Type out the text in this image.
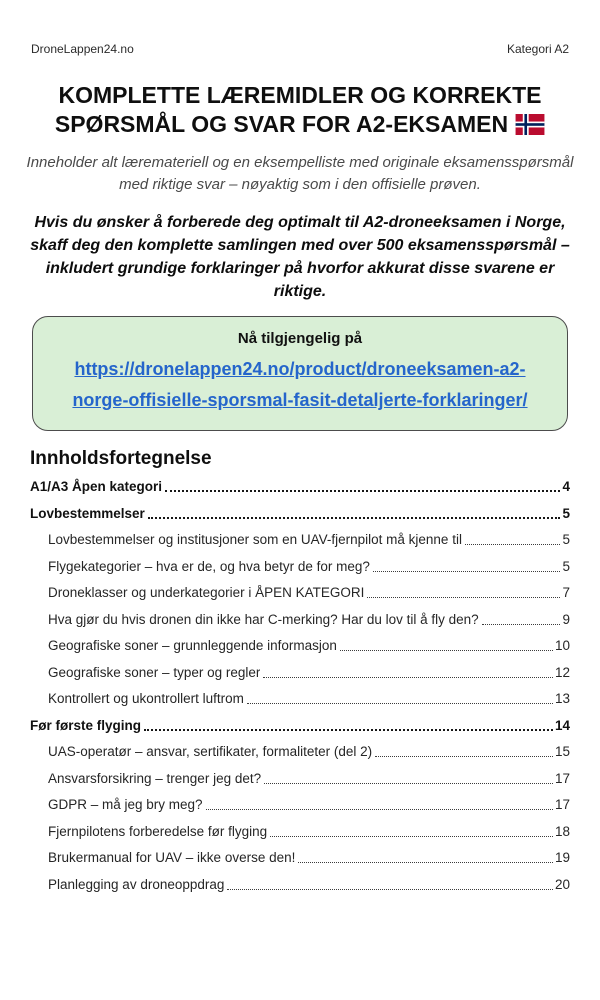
DroneLappen24.no	Kategori A2
KOMPLETTE LÆREMIDLER OG KORREKTE
SPØRSMÅL OG SVAR FOR A2-EKSAMEN

Inneholder alt læremateriell og en eksempelliste med originale eksamensspørsmål med riktige svar – nøyaktig som i den offisielle prøven.

Hvis du ønsker å forberede deg optimalt til A2-droneeksamen i Norge, skaff deg den komplette samlingen med over 500 eksamensspørsmål – inkludert grundige forklaringer på hvorfor akkurat disse svarene er riktige.

Nå tilgjengelig på
https://dronelappen24.no/product/droneeksamen-a2-norge-offisielle-sporsmal-fasit-detaljerte-forklaringer/
Innholdsfortegnelse
A1/A3 Åpen kategori	4
Lovbestemmelser	5
Lovbestemmelser og institusjoner som en UAV-fjernpilot må kjenne til	5
Flygekategorier – hva er de, og hva betyr de for meg?	5
Droneklasser og underkategorier i ÅPEN KATEGORI	7
Hva gjør du hvis dronen din ikke har C-merking? Har du lov til å fly den?	9
Geografiske soner – grunnleggende informasjon	10
Geografiske soner – typer og regler	12
Kontrollert og ukontrollert luftrom	13
Før første flyging	14
UAS-operatør – ansvar, sertifikater, formaliteter (del 2)	15
Ansvarsforsikring – trenger jeg det?	17
GDPR – må jeg bry meg?	17
Fjernpilotens forberedelse før flyging	18
Brukermanual for UAV – ikke overse den!	19
Planlegging av droneoppdrag	20
